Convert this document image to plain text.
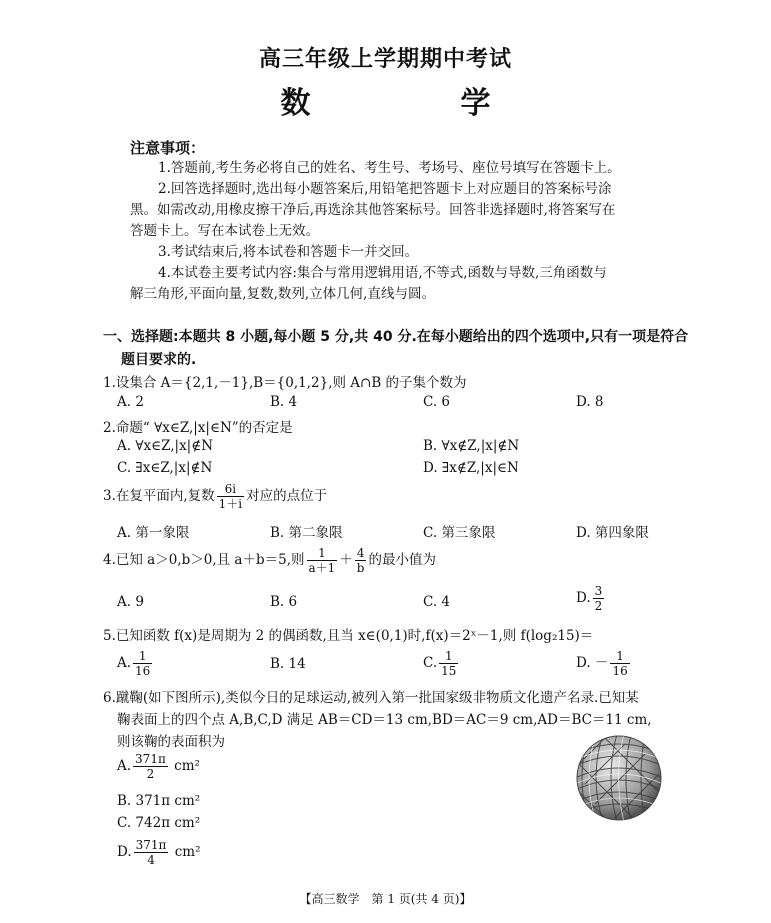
高三年级上学期期中考试
数　学
注意事项：
1.答题前,考生务必将自己的姓名、考生号、考场号、座位号填写在答题卡上。
2.回答选择题时,选出每小题答案后,用铅笔把答题卡上对应题目的答案标号涂
黑。如需改动,用橡皮擦干净后,再选涂其他答案标号。回答非选择题时,将答案写在
答题卡上。写在本试卷上无效。
3.考试结束后,将本试卷和答题卡一并交回。
4.本试卷主要考试内容:集合与常用逻辑用语,不等式,函数与导数,三角函数与
解三角形,平面向量,复数,数列,立体几何,直线与圆。
一、选择题:本题共 8 小题,每小题 5 分,共 40 分.在每小题给出的四个选项中,只有一项是符合
题目要求的.
1.设集合 A＝{2,1,－1},B＝{0,1,2},则 A∩B 的子集个数为
A. 2	B. 4	C. 6	D. 8
2.命题“ ∀x∈Z,|x|∈N”的否定是
A. ∀x∈Z,|x|∉N	B. ∀x∉Z,|x|∉N
C. ∃x∈Z,|x|∉N	D. ∃x∉Z,|x|∈N
3.在复平面内,复数 $\frac{6i}{1+i}$ 对应的点位于
A. 第一象限	B. 第二象限	C. 第三象限	D. 第四象限
4.已知 a＞0,b＞0,且 a＋b＝5,则 $\frac{1}{a+1} + \frac{4}{b}$ 的最小值为
A. 9	B. 6	C. 4	D. $\frac{3}{2}$
5.已知函数 f(x)是周期为 2 的偶函数,且当 x∈(0,1)时,f(x)＝2ˣ－1,则 f(log₂15)＝
A. $\frac{1}{16}$	B. 14	C. $\frac{1}{15}$	D. － $\frac{1}{16}$
6.蹴鞠(如下图所示),类似今日的足球运动,被列入第一批国家级非物质文化遗产名录.已知某
鞠表面上的四个点 A,B,C,D 满足 AB＝CD＝13 cm,BD＝AC＝9 cm,AD＝BC＝11 cm,
则该鞠的表面积为
A. $\frac{371\pi}{2} cm^2$
B. 371π cm²
C. 742π cm²
D. $\frac{371\pi}{4} cm^2$
【高三数学　第 1 页(共 4 页)】
